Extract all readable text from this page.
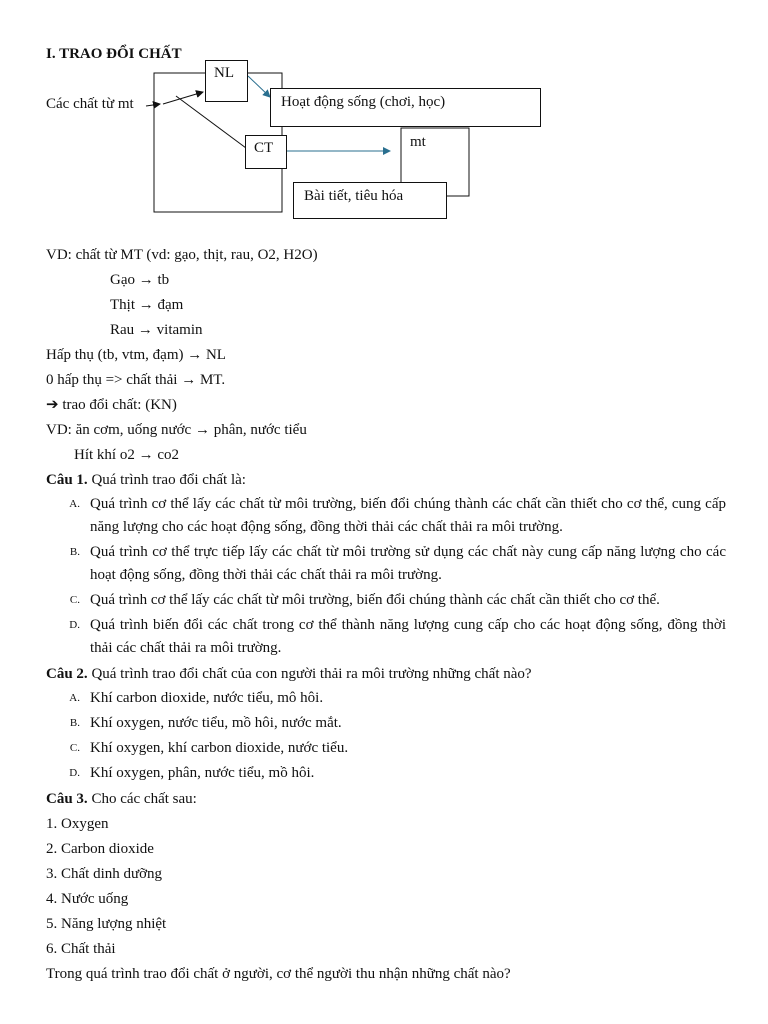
I. TRAO ĐỔI CHẤT
Các chất từ mt
NL
Hoạt động sống (chơi, học)
CT	mt
Bài tiết, tiêu hóa
VD: chất từ MT (vd: gạo, thịt, rau, O2, H2O)
Gạo → tb
Thịt → đạm
Rau → vitamin
Hấp thụ (tb, vtm, đạm) → NL
0 hấp thụ => chất thải → MT.
➔ trao đổi chất: (KN)
VD: ăn cơm, uống nước → phân, nước tiểu
Hít khí o2 → co2
Câu 1. Quá trình trao đổi chất là:
A. Quá trình cơ thể lấy các chất từ môi trường, biến đổi chúng thành các chất cần thiết cho cơ thể, cung cấp năng lượng cho các hoạt động sống, đồng thời thải các chất thải ra môi trường.
B. Quá trình cơ thể trực tiếp lấy các chất từ môi trường sử dụng các chất này cung cấp năng lượng cho các hoạt động sống, đồng thời thải các chất thải ra môi trường.
C. Quá trình cơ thể lấy các chất từ môi trường, biến đổi chúng thành các chất cần thiết cho cơ thể.
D. Quá trình biến đổi các chất trong cơ thể thành năng lượng cung cấp cho các hoạt động sống, đồng thời thải các chất thải ra môi trường.
Câu 2. Quá trình trao đổi chất của con người thải ra môi trường những chất nào?
A. Khí carbon dioxide, nước tiểu, mô hôi.
B. Khí oxygen, nước tiểu, mồ hôi, nước mắt.
C. Khí oxygen, khí carbon dioxide, nước tiểu.
D. Khí oxygen, phân, nước tiểu, mồ hôi.
Câu 3. Cho các chất sau:
1. Oxygen
2. Carbon dioxide
3. Chất dinh dưỡng
4. Nước uống
5. Năng lượng nhiệt
6. Chất thải
Trong quá trình trao đổi chất ở người, cơ thể người thu nhận những chất nào?
